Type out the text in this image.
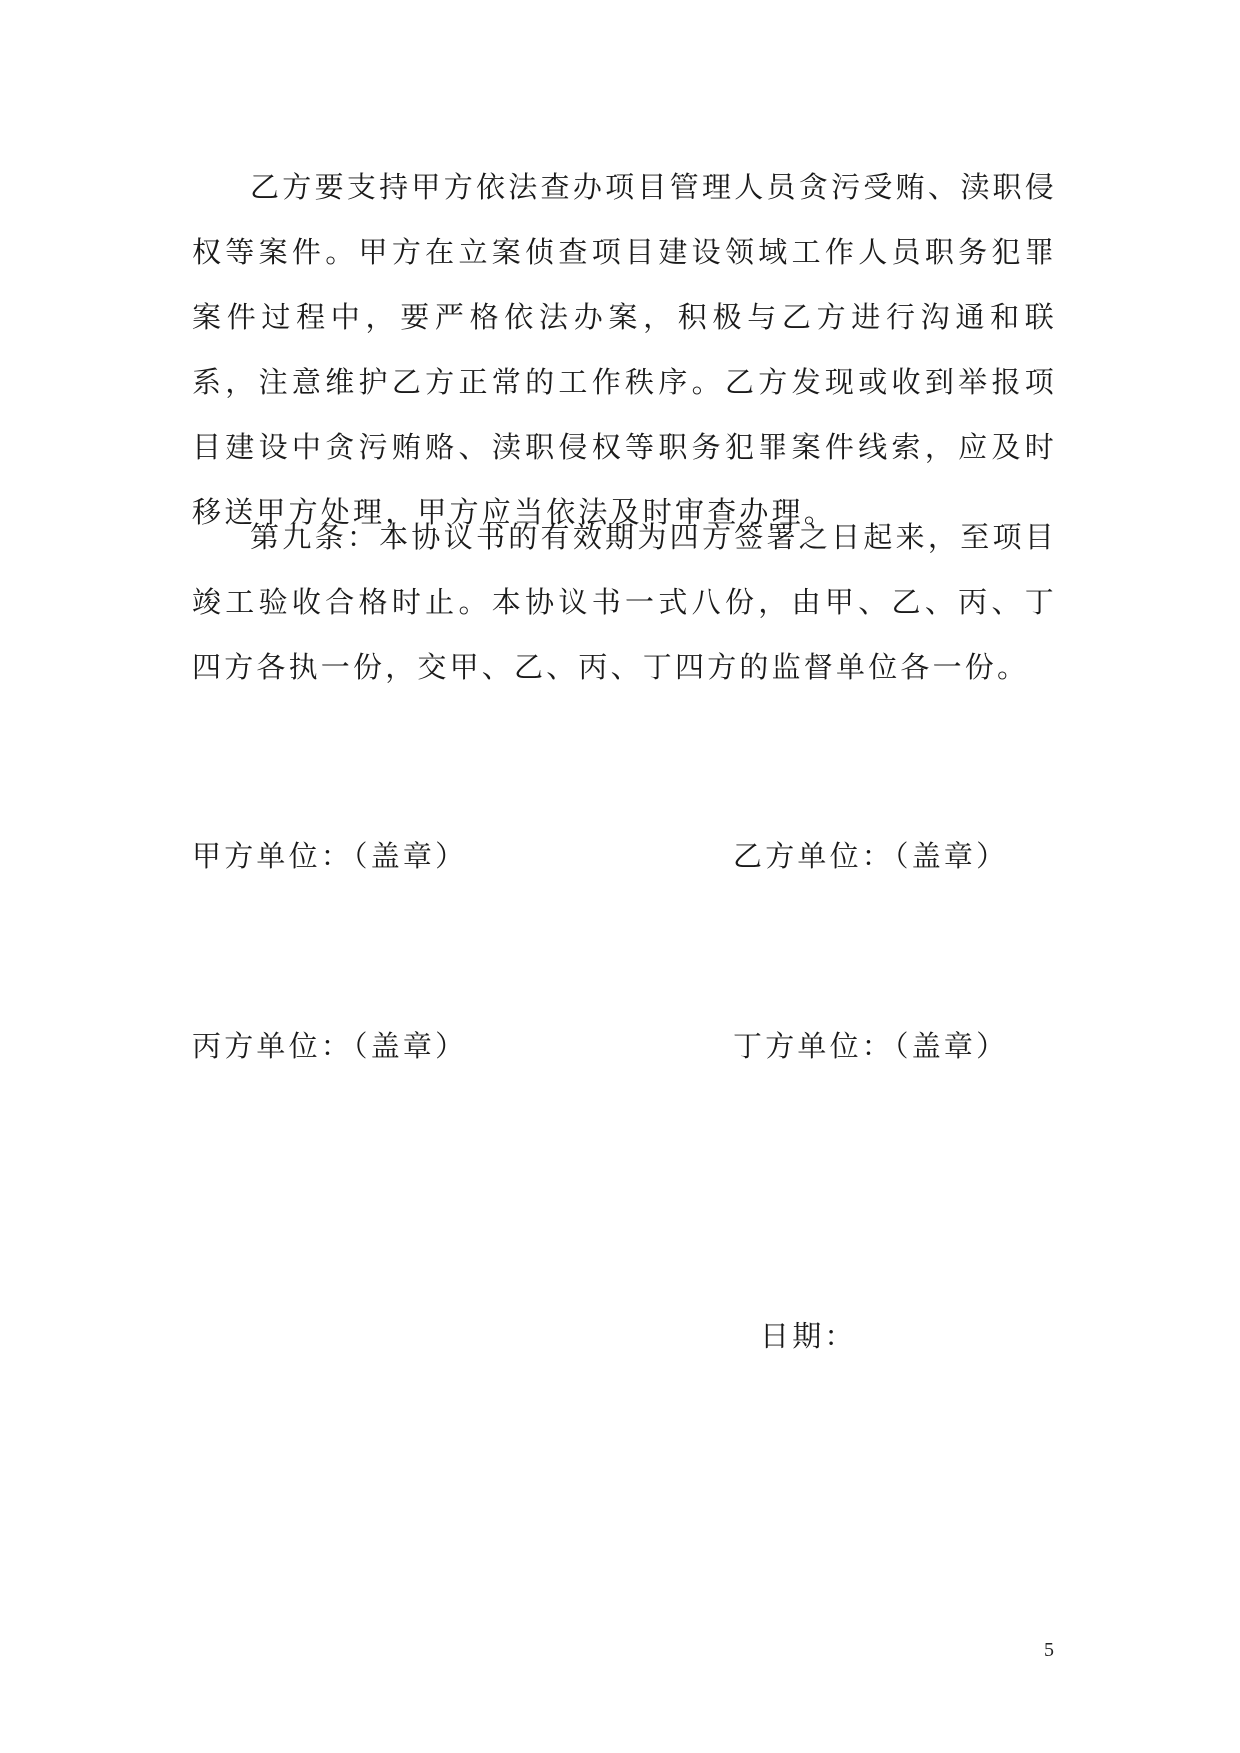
乙方要支持甲方依法查办项目管理人员贪污受贿、渎职侵权等案件。甲方在立案侦查项目建设领域工作人员职务犯罪案件过程中，要严格依法办案，积极与乙方进行沟通和联系，注意维护乙方正常的工作秩序。乙方发现或收到举报项目建设中贪污贿赂、渎职侵权等职务犯罪案件线索，应及时移送甲方处理，甲方应当依法及时审查办理。

第九条：本协议书的有效期为四方签署之日起来，至项目竣工验收合格时止。本协议书一式八份，由甲、乙、丙、丁四方各执一份，交甲、乙、丙、丁四方的监督单位各一份。

甲方单位：（盖章）	乙方单位：（盖章）
丙方单位：（盖章）	丁方单位：（盖章）
日期：
5
